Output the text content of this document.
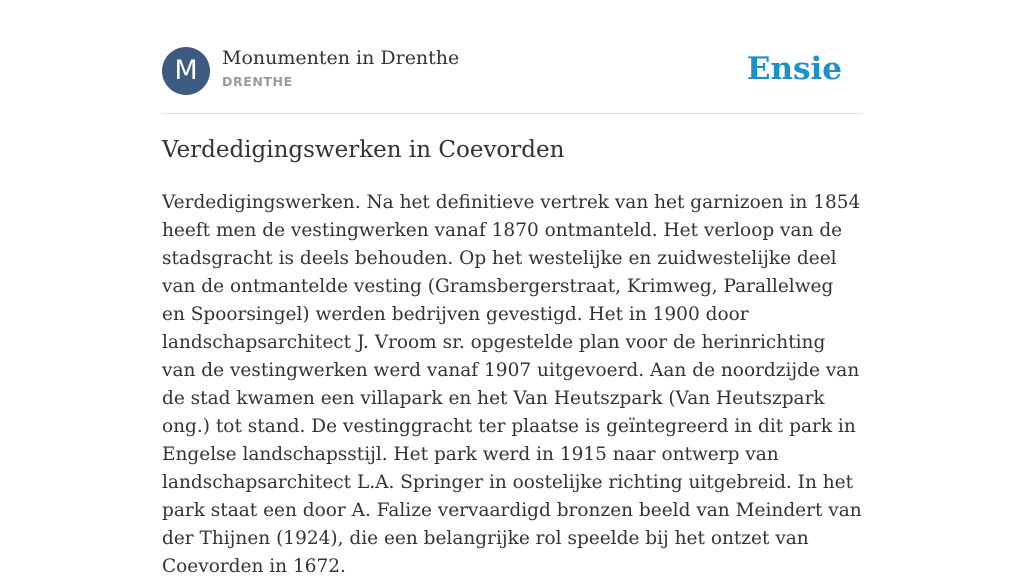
M	Monumenten in Drenthe
DRENTHE	Ensie
Verdedigingswerken in Coevorden

Verdedigingswerken. Na het definitieve vertrek van het garnizoen in 1854 heeft men de vestingwerken vanaf 1870 ontmanteld. Het verloop van de stadsgracht is deels behouden. Op het westelijke en zuidwestelijke deel van de ontmantelde vesting (Gramsbergerstraat, Krimweg, Parallelweg en Spoorsingel) werden bedrijven gevestigd. Het in 1900 door landschapsarchitect J. Vroom sr. opgestelde plan voor de herinrichting van de vestingwerken werd vanaf 1907 uitgevoerd. Aan de noordzijde van de stad kwamen een villapark en het Van Heutszpark (Van Heutszpark ong.) tot stand. De vestinggracht ter plaatse is geïntegreerd in dit park in Engelse landschapsstijl. Het park werd in 1915 naar ontwerp van landschapsarchitect L.A. Springer in oostelijke richting uitgebreid. In het park staat een door A. Falize vervaardigd bronzen beeld van Meindert van der Thijnen (1924), die een belangrijke rol speelde bij het ontzet van Coevorden in 1672.
